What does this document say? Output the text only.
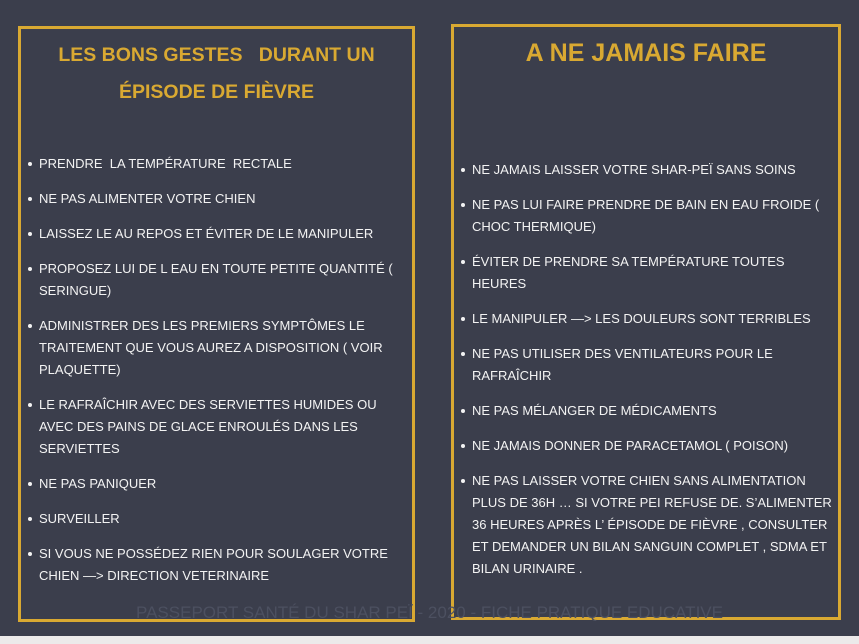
LES BONS GESTES   DURANT UN
ÉPISODE DE FIÈVRE
PRENDRE  LA TEMPÉRATURE  RECTALE
NE PAS ALIMENTER VOTRE CHIEN
LAISSEZ LE AU REPOS ET ÉVITER DE LE MANIPULER
PROPOSEZ LUI DE L EAU EN TOUTE PETITE QUANTITÉ ( SERINGUE)
ADMINISTRER DES LES PREMIERS SYMPTÔMES LE TRAITEMENT QUE VOUS AUREZ A DISPOSITION ( VOIR PLAQUETTE)
LE RAFRAÎCHIR AVEC DES SERVIETTES HUMIDES OU AVEC DES PAINS DE GLACE ENROULÉS DANS LES SERVIETTES
NE PAS PANIQUER
SURVEILLER
SI VOUS NE POSSÉDEZ RIEN POUR SOULAGER VOTRE CHIEN —> DIRECTION VETERINAIRE
A NE JAMAIS FAIRE
NE JAMAIS LAISSER VOTRE SHAR-PEÏ SANS SOINS
NE PAS LUI FAIRE PRENDRE DE BAIN EN EAU FROIDE ( CHOC THERMIQUE)
ÉVITER DE PRENDRE SA TEMPÉRATURE TOUTES HEURES
LE MANIPULER —> LES DOULEURS SONT TERRIBLES
NE PAS UTILISER DES VENTILATEURS POUR LE RAFRAÎCHIR
NE PAS MÉLANGER DE MÉDICAMENTS
NE JAMAIS DONNER DE PARACETAMOL ( POISON)
NE PAS LAISSER VOTRE CHIEN SANS ALIMENTATION PLUS DE 36H … SI VOTRE PEI REFUSE DE. S’ALIMENTER 36 HEURES APRÈS L’ ÉPISODE DE FIÈVRE , CONSULTER ET DEMANDER UN BILAN SANGUIN COMPLET , SDMA ET BILAN URINAIRE .
PASSEPORT SANTÉ DU SHAR PEÏ - 2020 - FICHE PRATIQUE EDUCATIVE
